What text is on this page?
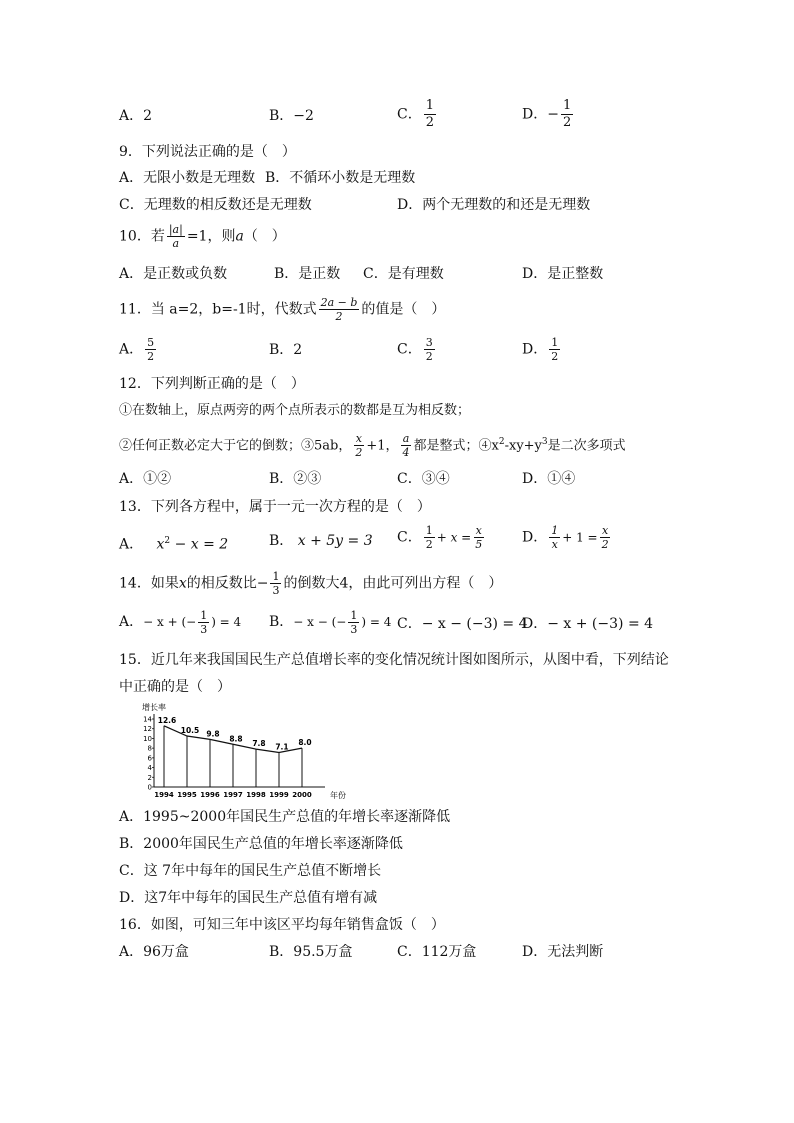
A．2	B．−2	C． $\frac{1}{2}$	D．− $\frac{1}{2}$
9．下列说法正确的是（　）
A．无限小数是无理数 B．不循环小数是无理数
C．无理数的相反数还是无理数	D．两个无理数的和还是无理数
10．若 $\frac{|a|}{a} =1$，则a（　）
A．是正数或负数	B．是正数 C．是有理数	D．是正整数
11．当 a=2，b=-1时，代数式 $\frac{2a - b}{2}$ 的值是（　）
A． $\frac{5}{2}$	B．2	C． $\frac{3}{2}$	D． $\frac{1}{2}$
12．下列判断正确的是（　）
①在数轴上，原点两旁的两个点所表示的数都是互为相反数；
②任何正数必定大于它的倒数；③5ab， $\frac{x}{2} +1$， $\frac{a}{4}$ 都是整式；$④x^2-xy+y^3$是二次多项式
A．①②	B．②③	C．③④	D．①④
13．下列各方程中，属于一元一次方程的是（　）
A． $x^2 - x = 2$	B． x + 5y = 3 C． $\frac{1}{2} + x = \frac{x}{5}$	D． $\frac{1}{x} + 1 = \frac{x}{2}$
14．如果x的相反数比− $\frac{1}{3}$ 的倒数大4，由此可列出方程（　）
A．− x + (− $\frac{1}{3}$ ) = 4 B．− x − (− $\frac{1}{3}$ ) = 4 C．− x − (−3) = 4
D．− x + (−3) = 4
15．近几年来我国国民生产总值增长率的变化情况统计图如图所示，从图中看，下列结论
中正确的是（　）
增长率
年份
0
2
4
6
8
10
12
14 12.6
10.5 9.8
8.8
7.8 7.1 8.0
1994 1995 1996 1997 1998 1999 2000
A．1995~2000年国民生产总值的年增长率逐渐降低
B．2000年国民生产总值的年增长率逐渐降低
C．这 7年中每年的国民生产总值不断增长
D．这7年中每年的国民生产总值有增有减
16．如图，可知三年中该区平均每年销售盒饭（　）
A．96万盒	B．95.5万盒	C．112万盒	D．无法判断
